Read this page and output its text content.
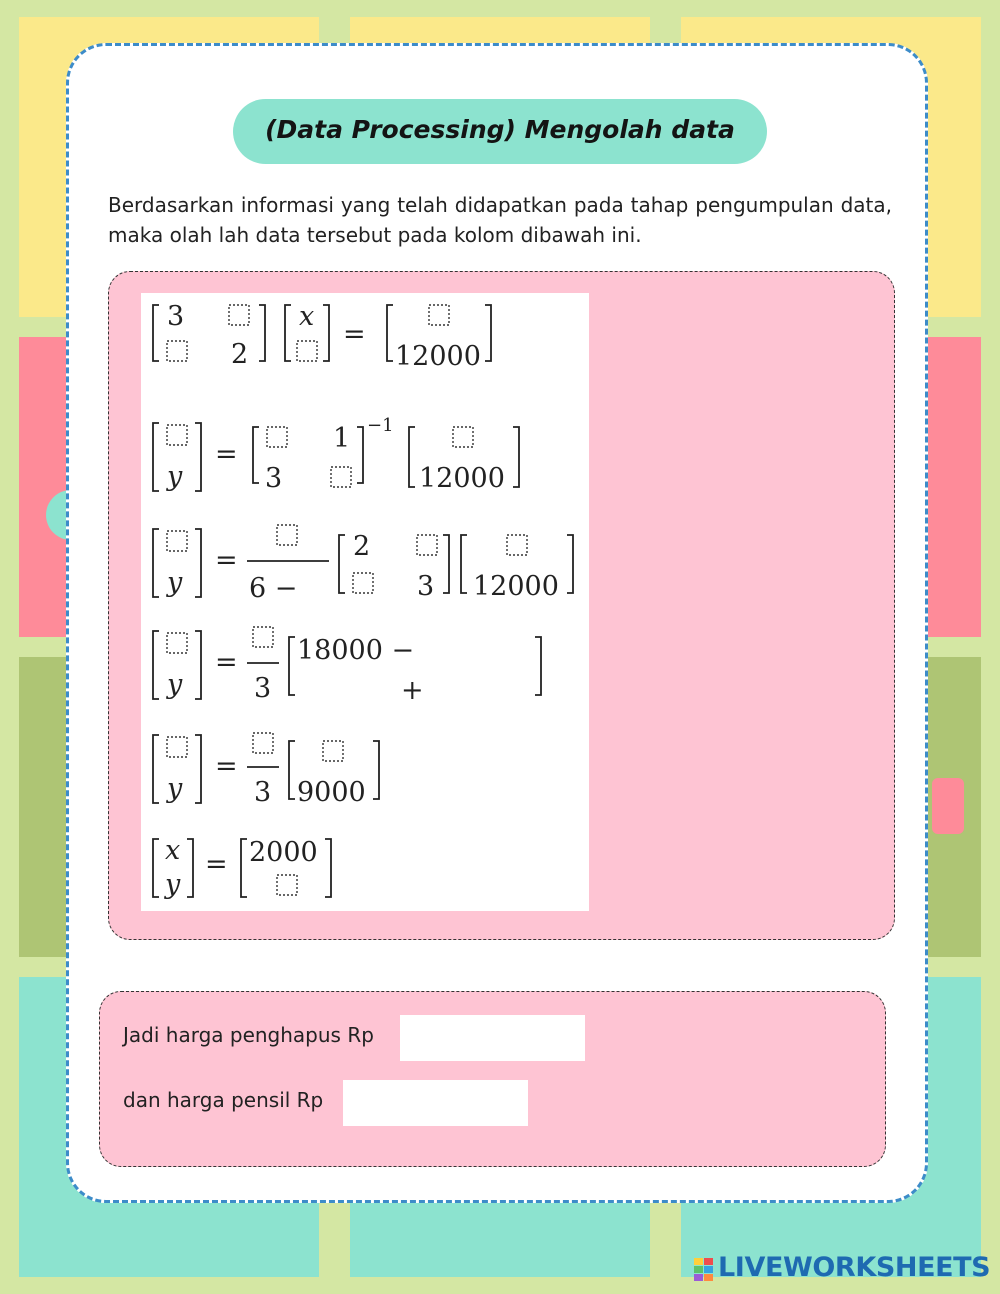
(Data Processing) Mengolah data
Berdasarkan informasi yang telah didapatkan pada tahap pengumpulan data, maka olah lah data tersebut pada kolom dibawah ini.
3
2
x
=
12000
y
=
3
1 −1
12000
y
=
6 −
2
3 12000
y
=
3
18000 −
+
y
=
3 9000
x
y
= 2000
Jadi harga penghapus Rp
dan harga pensil Rp
LIVEWORKSHEETS
